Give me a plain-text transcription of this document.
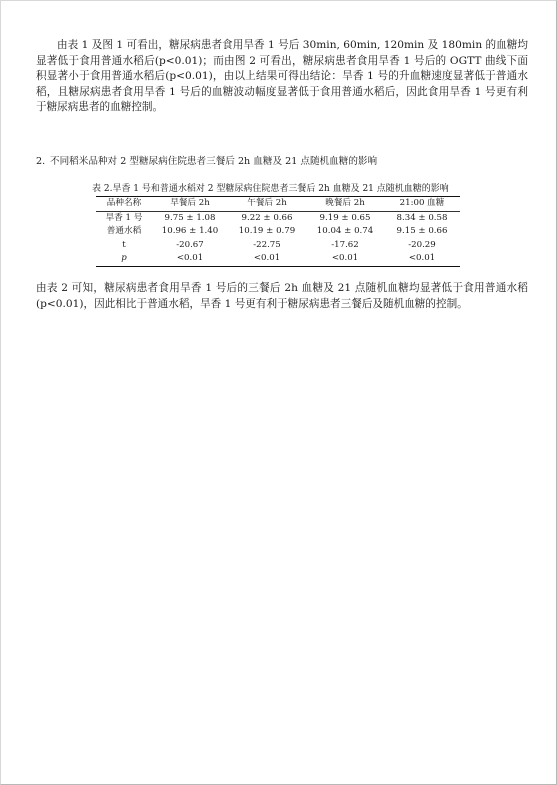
由表 1 及图 1 可看出，糖尿病患者食用旱香 1 号后 30min, 60min, 120min 及 180min 的血糖均显著低于食用普通水稻后(p<0.01)；而由图 2 可看出，糖尿病患者食用旱香 1 号后的 OGTT 曲线下面积显著小于食用普通水稻后(p<0.01)，由以上结果可得出结论：旱香 1 号的升血糖速度显著低于普通水稻，且糖尿病患者食用旱香 1 号后的血糖波动幅度显著低于食用普通水稻后，因此食用旱香 1 号更有利于糖尿病患者的血糖控制。

2. 不同稻米品种对 2 型糖尿病住院患者三餐后 2h 血糖及 21 点随机血糖的影响
表 2.旱香 1 号和普通水稻对 2 型糖尿病住院患者三餐后 2h 血糖及 21 点随机血糖的影响
品种名称	早餐后 2h	午餐后 2h	晚餐后 2h	21:00 血糖
旱香 1 号	9.75 ± 1.08	9.22 ± 0.66	9.19 ± 0.65	8.34 ± 0.58
普通水稻	10.96 ± 1.40	10.19 ± 0.79	10.04 ± 0.74	9.15 ± 0.66
t	-20.67	-22.75	-17.62	-20.29
p	<0.01	<0.01	<0.01	<0.01

由表 2 可知，糖尿病患者食用旱香 1 号后的三餐后 2h 血糖及 21 点随机血糖均显著低于食用普通水稻(p<0.01)，因此相比于普通水稻，旱香 1 号更有利于糖尿病患者三餐后及随机血糖的控制。
